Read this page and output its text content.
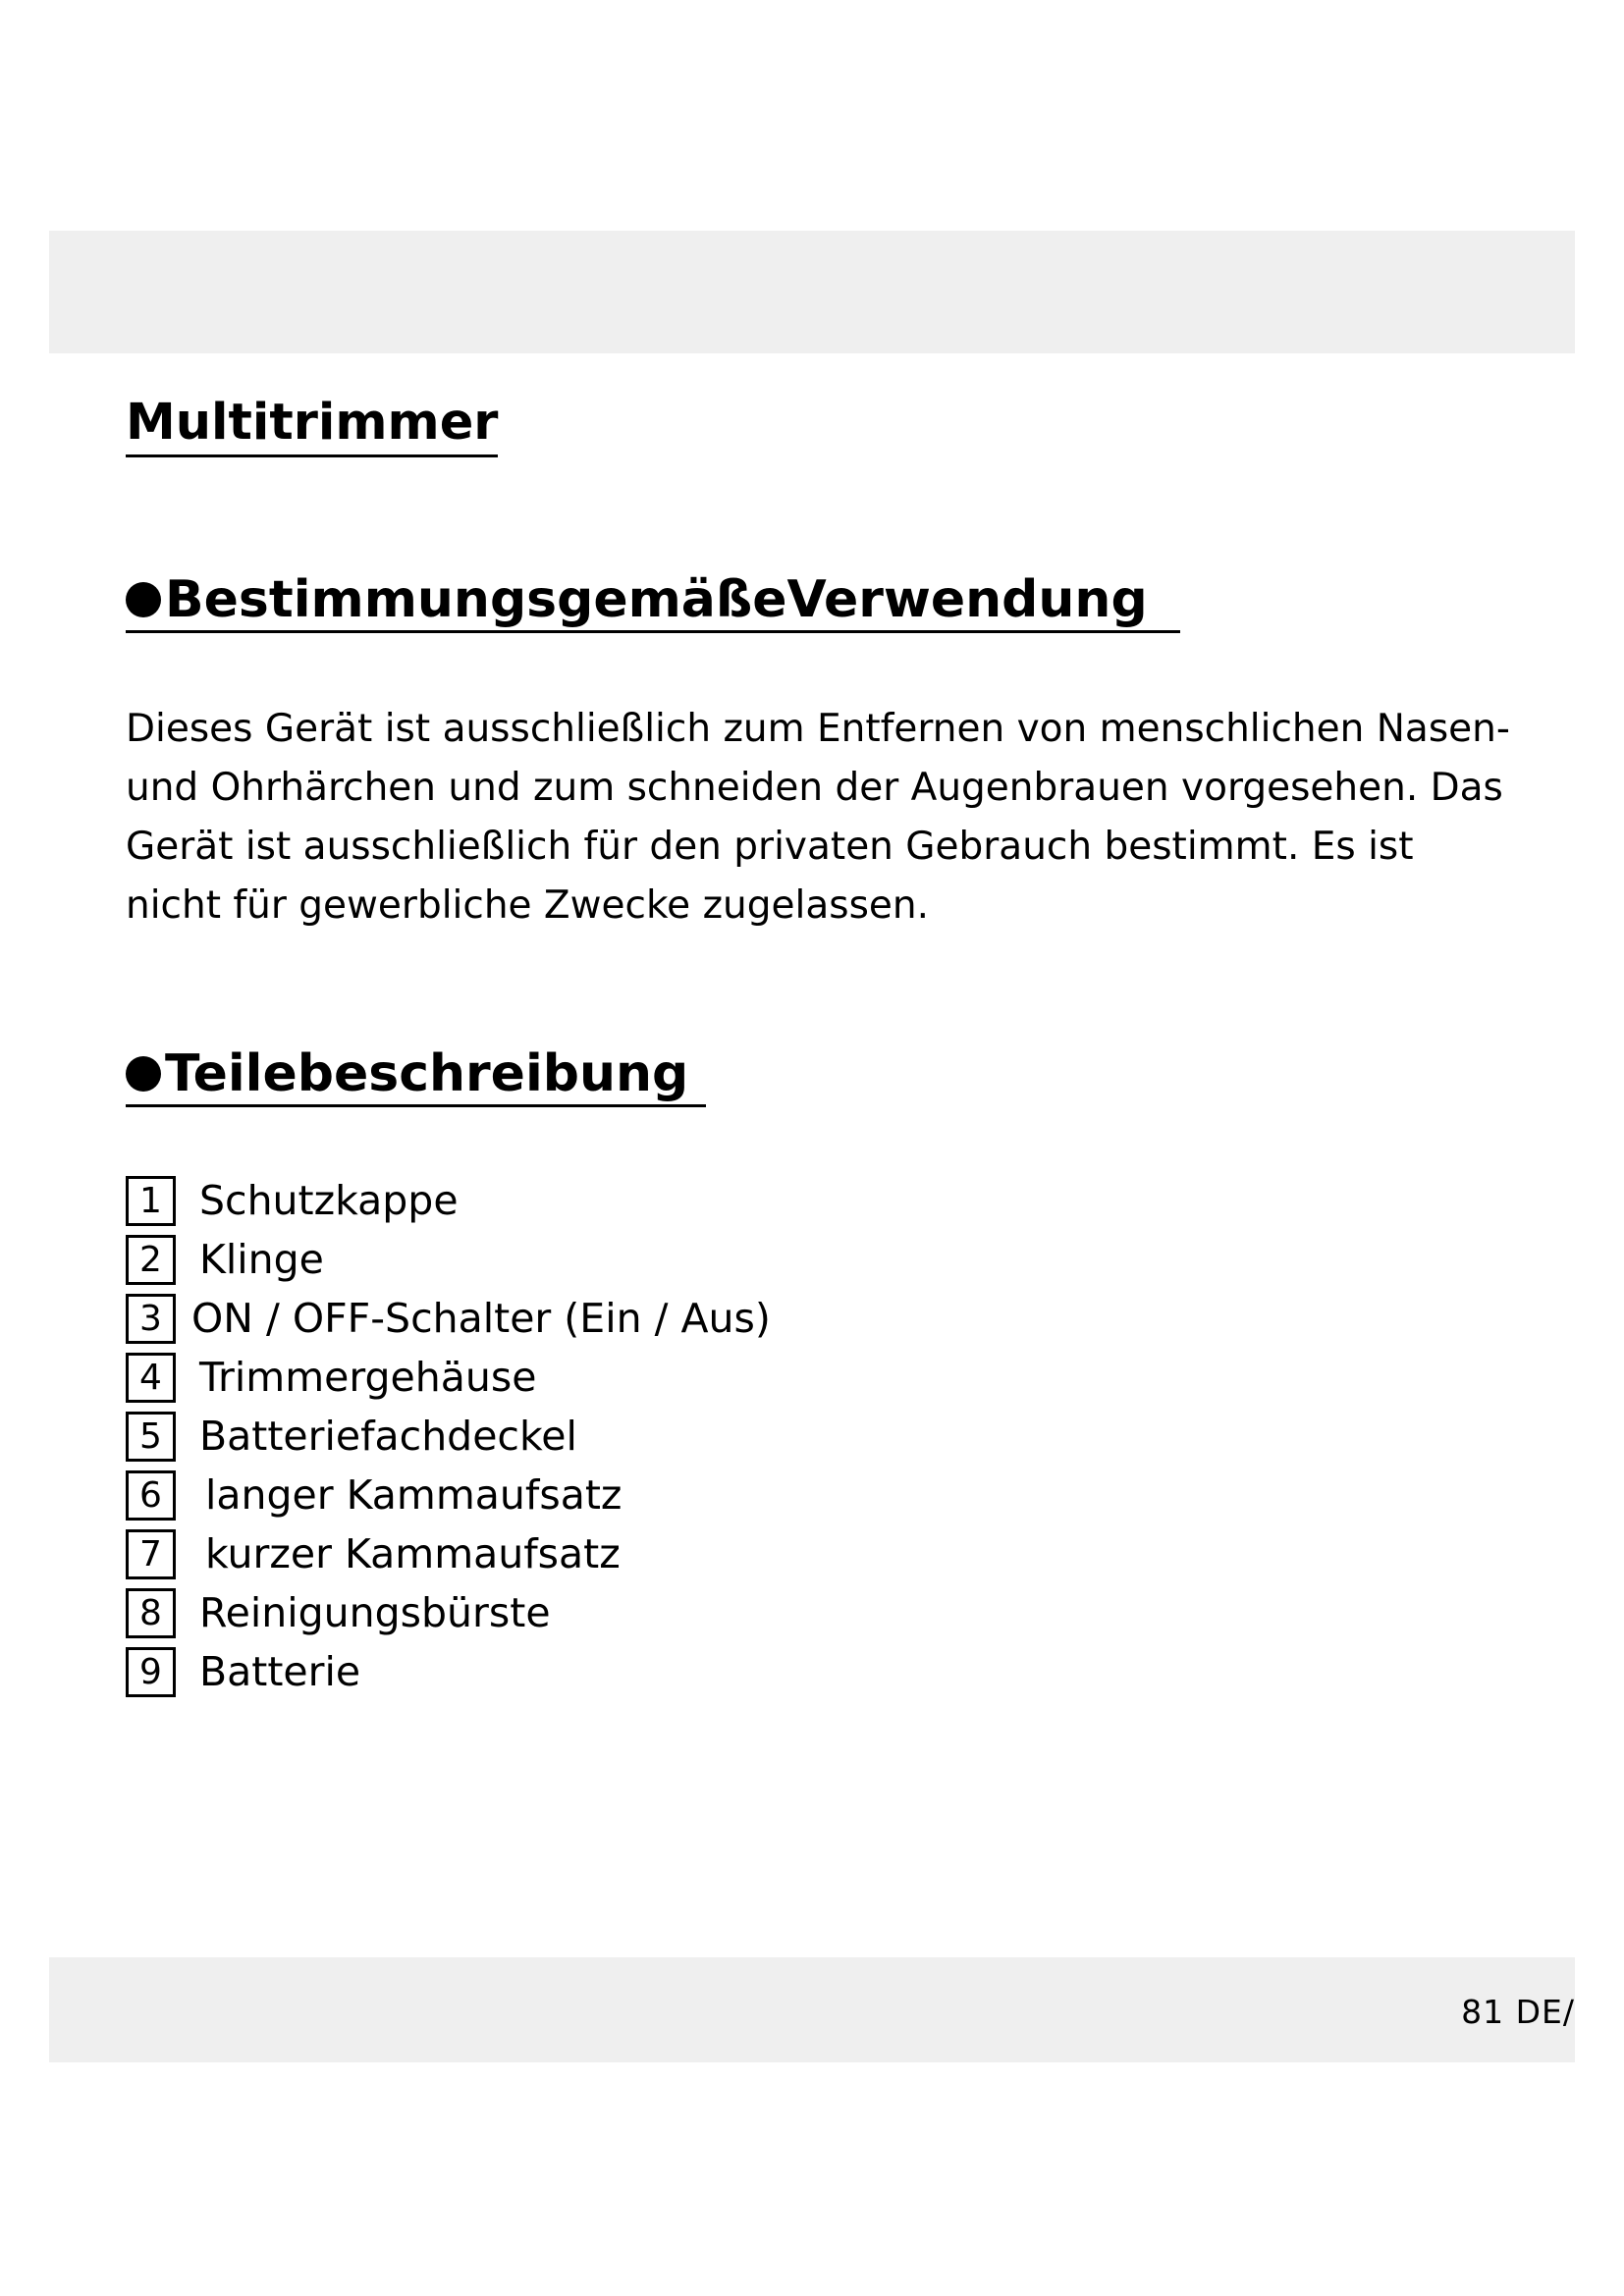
Multitrimmer
BestimmungsgemäßeVerwendung

Dieses Gerät ist ausschließlich zum Entfernen von menschlichen Nasen- und Ohrhärchen und zum schneiden der Augenbrauen vorgesehen. Das Gerät ist ausschließlich für den privaten Gebrauch bestimmt. Es ist nicht für gewerbliche Zwecke zugelassen.

Teilebeschreibung
1 Schutzkappe
2 Klinge
3 ON / OFF-Schalter (Ein / Aus)
4 Trimmergehäuse
5 Batteriefachdeckel
6	langer Kammaufsatz
7	kurzer Kammaufsatz
8 Reinigungsbürste
9 Batterie
81 DE/
